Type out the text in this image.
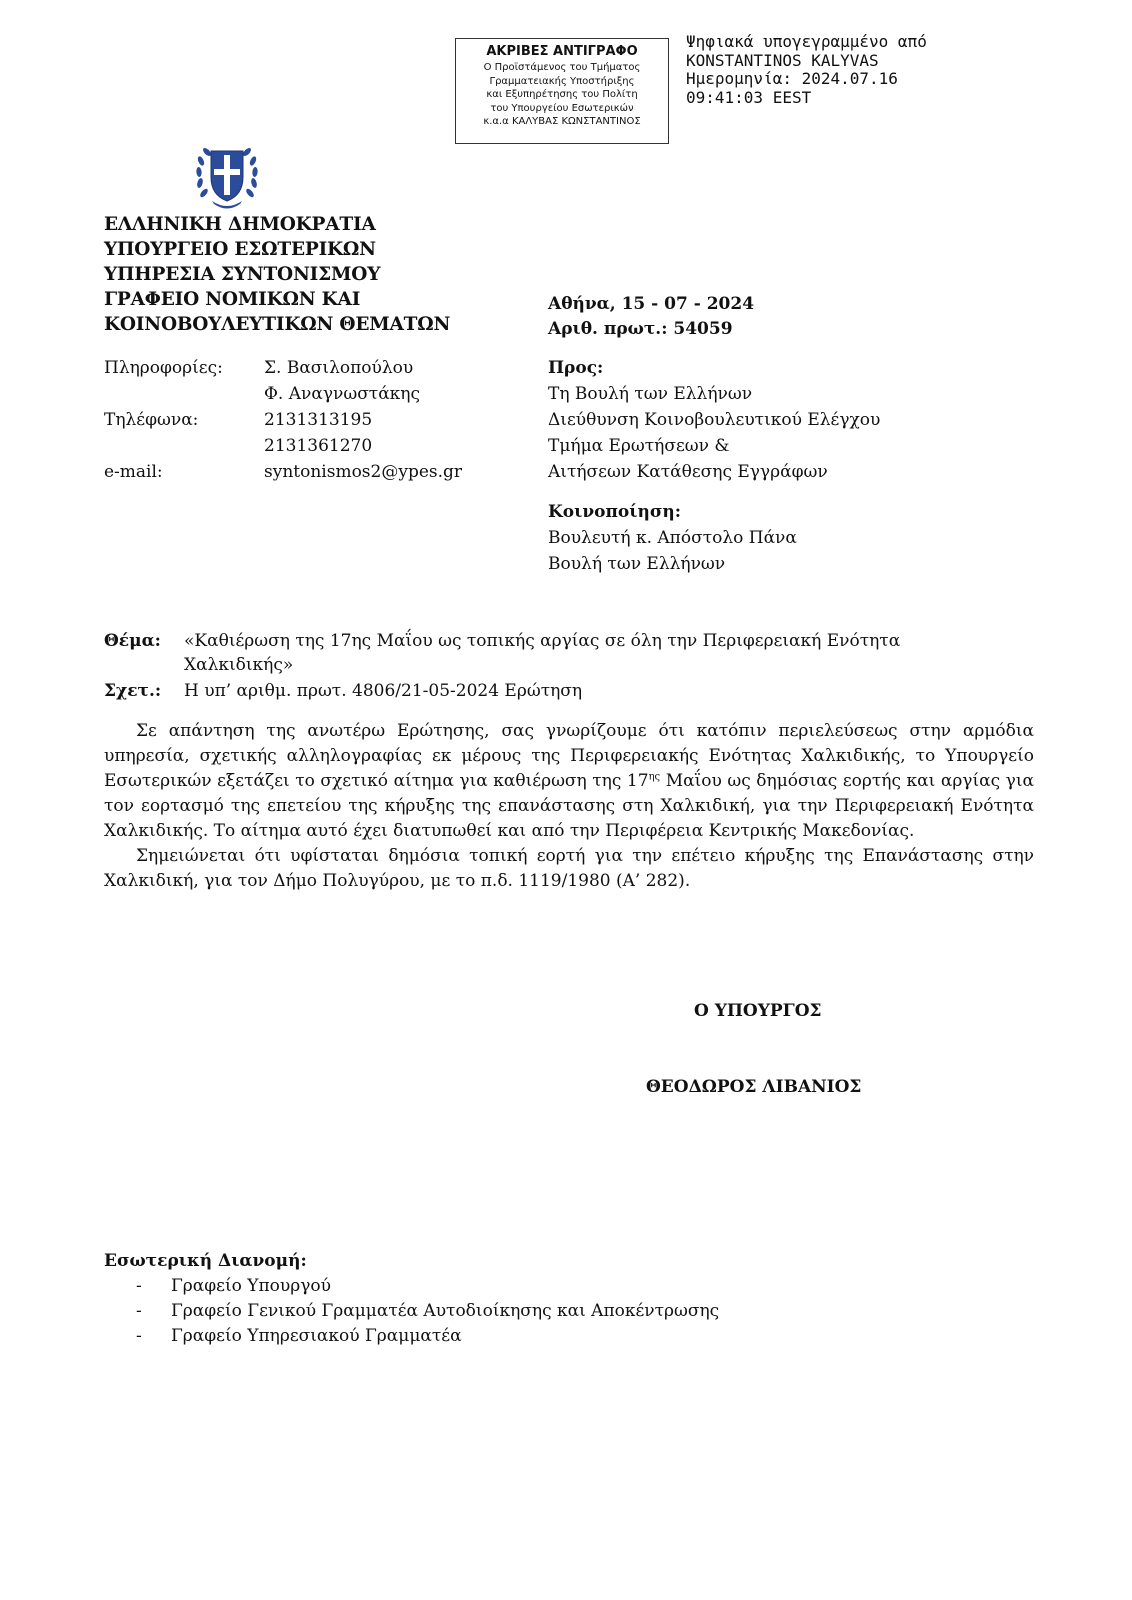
ΑΚΡΙΒΕΣ ΑΝΤΙΓΡΑΦΟ
Ο Προϊστάμενος του Τμήματος
Γραμματειακής Υποστήριξης
και Εξυπηρέτησης του Πολίτη
του Υπουργείου Εσωτερικών
κ.α.α ΚΑΛΥΒΑΣ ΚΩΝΣΤΑΝΤΙΝΟΣ
Ψηφιακά υπογεγραμμένο από
KONSTANTINOS KALYVAS
Ημερομηνία: 2024.07.16
09:41:03 EEST
ΕΛΛΗΝΙΚΗ ΔΗΜΟΚΡΑΤΙΑ
ΥΠΟΥΡΓΕΙΟ ΕΣΩΤΕΡΙΚΩΝ
ΥΠΗΡΕΣΙΑ ΣΥΝΤΟΝΙΣΜΟΥ
ΓΡΑΦΕΙΟ ΝΟΜΙΚΩΝ ΚΑΙ
ΚΟΙΝΟΒΟΥΛΕΥΤΙΚΩΝ ΘΕΜΑΤΩΝ
Αθήνα, 15 - 07 - 2024
Αριθ. πρωτ.: 54059
Πληροφορίες: Σ. Βασιλοπούλου
Φ. Αναγνωστάκης
Τηλέφωνα:	2131313195
2131361270
e-mail:	syntonismos2@ypes.gr
Προς:
Τη Βουλή των Ελλήνων
Διεύθυνση Κοινοβουλευτικού Ελέγχου
Τμήμα Ερωτήσεων &
Αιτήσεων Κατάθεσης Εγγράφων
Κοινοποίηση:
Βουλευτή κ. Απόστολο Πάνα
Βουλή των Ελλήνων
Θέμα: «Καθιέρωση της 17ης Μαΐου ως τοπικής αργίας σε όλη την Περιφερειακή Ενότητα
Χαλκιδικής»
Σχετ.: Η υπ’ αριθμ. πρωτ. 4806/21-05-2024 Ερώτηση

Σε απάντηση της ανωτέρω Ερώτησης, σας γνωρίζουμε ότι κατόπιν περιελεύσεως στην αρμόδια υπηρεσία, σχετικής αλληλογραφίας εκ μέρους της Περιφερειακής Ενότητας Χαλκιδικής, το Υπουργείο Εσωτερικών εξετάζει το σχετικό αίτημα για καθιέρωση της $17^{\eta\varsigma}$ Μαΐου ως δημόσιας εορτής και αργίας για τον εορτασμό της επετείου της κήρυξης της επανάστασης στη Χαλκιδική, για την Περιφερειακή Ενότητα Χαλκιδικής. Το αίτημα αυτό έχει διατυπωθεί και από την Περιφέρεια Κεντρικής Μακεδονίας.

Σημειώνεται ότι υφίσταται δημόσια τοπική εορτή για την επέτειο κήρυξης της Επανάστασης στην Χαλκιδική, για τον Δήμο Πολυγύρου, με το π.δ. 1119/1980 (Α’ 282).

Ο ΥΠΟΥΡΓΟΣ
ΘΕΟΔΩΡΟΣ ΛΙΒΑΝΙΟΣ
Εσωτερική Διανομή:
- Γραφείο Υπουργού
- Γραφείο Γενικού Γραμματέα Αυτοδιοίκησης και Αποκέντρωσης
- Γραφείο Υπηρεσιακού Γραμματέα
